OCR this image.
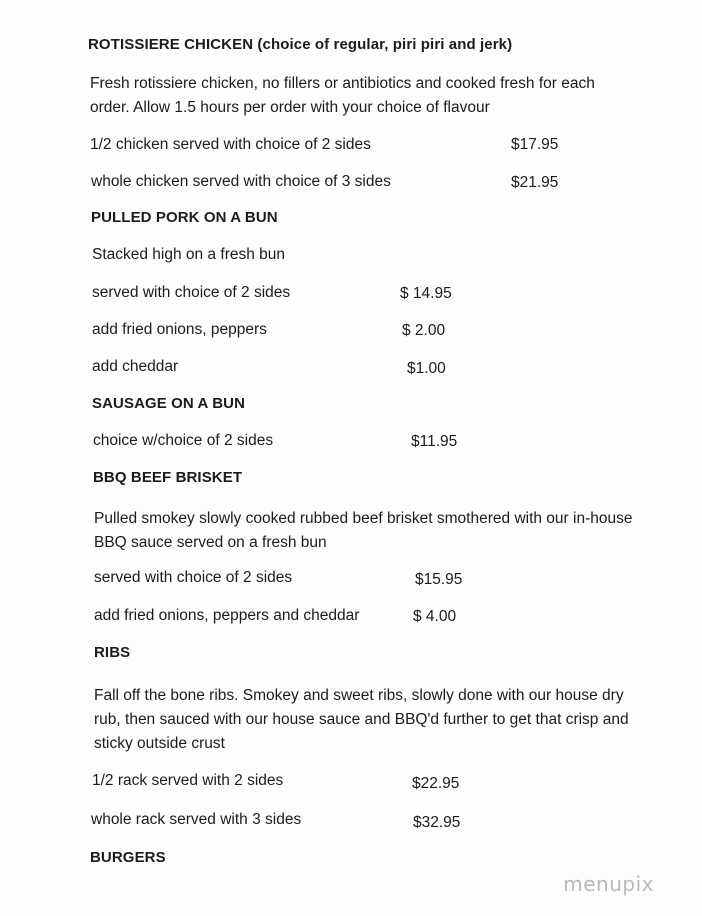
ROTISSIERE CHICKEN (choice of regular, piri piri and jerk)
Fresh rotissiere chicken, no fillers or antibiotics and cooked fresh for each order. Allow 1.5 hours per order with your choice of flavour
1/2 chicken served with choice of 2 sides	$17.95
whole chicken served with choice of 3 sides	$21.95
PULLED PORK ON A BUN
Stacked high on a fresh bun
served with choice of 2 sides	$ 14.95
add fried onions, peppers	$ 2.00
add cheddar	$1.00
SAUSAGE ON A BUN
choice w/choice of 2 sides	$11.95
BBQ BEEF BRISKET
Pulled smokey slowly cooked rubbed beef brisket smothered with our in-house BBQ sauce served on a fresh bun
served with choice of 2 sides	$15.95
add fried onions, peppers and cheddar	$ 4.00
RIBS
Fall off the bone ribs. Smokey and sweet ribs, slowly done with our house dry rub, then sauced with our house sauce and BBQ'd further to get that crisp and sticky outside crust
1/2 rack served with 2 sides	$22.95
whole rack served with 3 sides	$32.95
BURGERS
menupix
